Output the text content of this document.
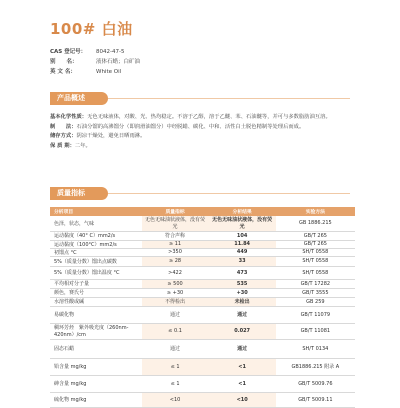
100# 白油
CAS 登记号：	8042-47-5
别　　名：	液体石蜡；白矿油
英 文 名：	White Oil
产品概述
基本化学性质：无色无味液体，对酸、光、热均稳定。不溶于乙醇，溶于乙醚、苯、石油醚等，并可与多数脂肪油互溶。
制　　法：石油分馏的高沸馏分（即润滑油馏分）中经脱蜡、碳化、中和、活性白土脱色精制等处理后而成。
储存方式：阴凉干燥处，避免日晒雨淋。
保 质 期：二年。
质量指标
分析项目	质量指标	分析结果	实验方法
色泽，状态，气味	无色无味油状液体，没有荧光	无色无味油状液体，没有荧光	GB 1886.215
运动黏度（40° C）mm2/s	符合声称	104	GB/T 265
运动黏度（100°C）mm2/s	≥ 11	11.84	GB/T 265
初馏点 °C	>350	449	SH/T 0558
5%（质量分数）馏出点碳数	≥ 28	33	SH/T 0558
5%（质量分数）馏出温度 °C	>422	473	SH/T 0558
平均相对分子量	≥ 500	535	GB/T 17282
颜色，赛氏号	≥ +30	+30	GB/T 3555
水溶性酸或碱	不得检出	未检出	GB 259
易碳化物	通过	通过	GB/T 11079
稠环芳烃　紫外吸光度（260nm-420nm）/cm	≤ 0.1	0.027	GB/T 11081
固态石蜡	通过	通过	SH/T 0134
铅含量 mg/kg	≤ 1	<1	GB1886.215 附录 A
砷含量 mg/kg	≤ 1	<1	GB/T 5009.76
硫化物 mg/kg	<10	<10	GB/T 5009.11
